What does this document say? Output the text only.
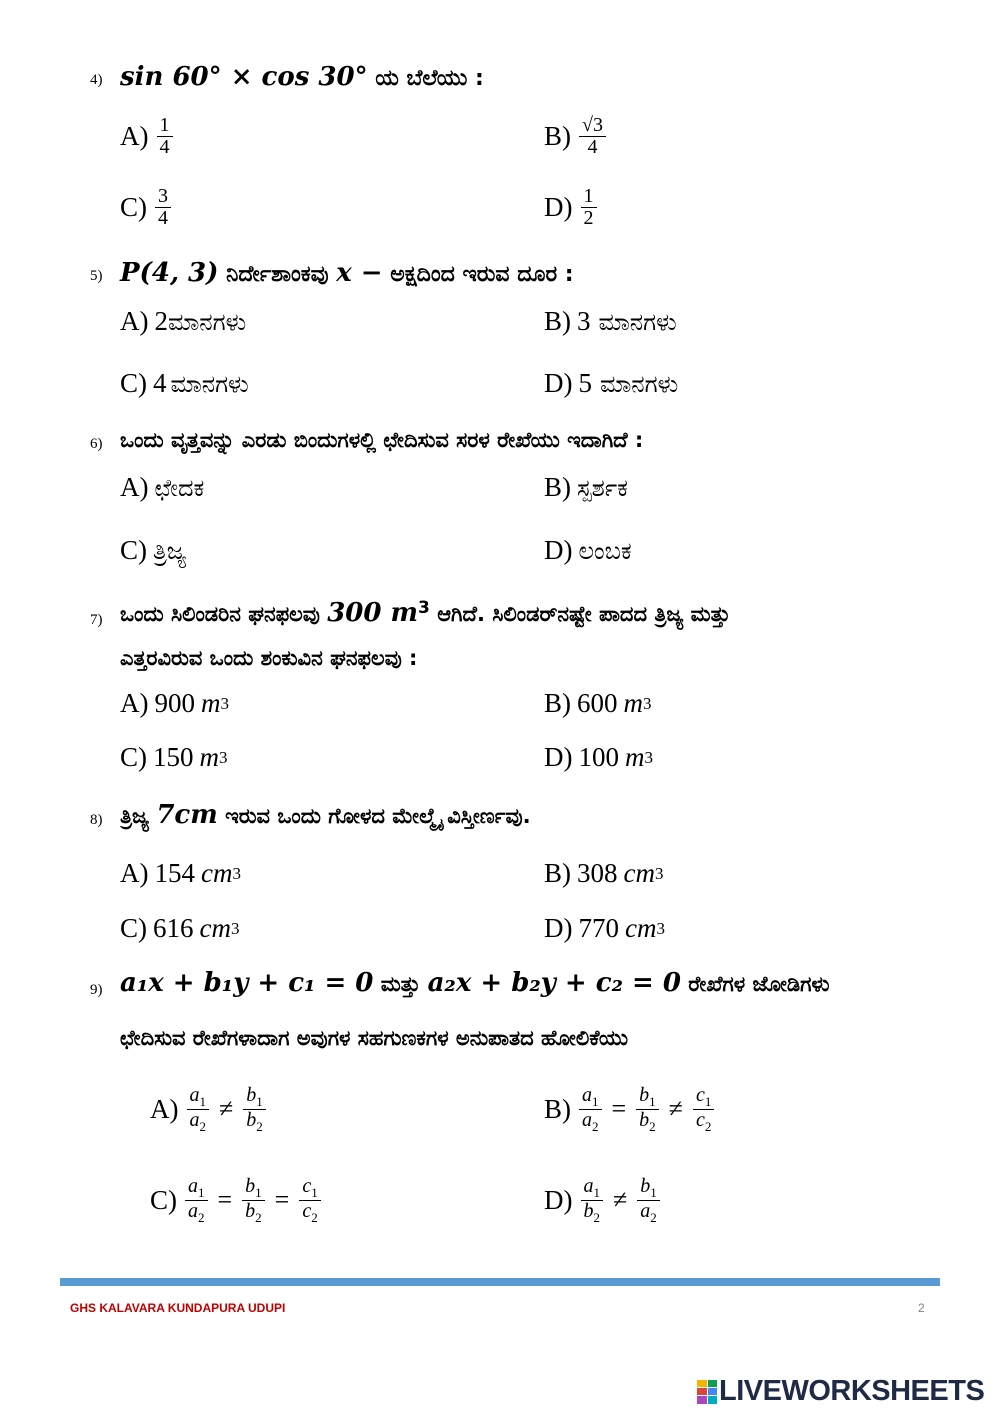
4) sin 60° × cos 30° ಯ ಬೆಲೆಯು :
$A) \frac{1}{4}$	$B) \frac{√3}{4}$
$C) \frac{3}{4}$	$D) \frac{1}{2}$
5) P(4, 3) ನಿರ್ದೇಶಾಂಕವು x − ಅಕ್ಷದಿಂದ ಇರುವ ದೂರ :
A) 2 ಮಾನಗಳು	B) 3 ಮಾನಗಳು
C) 4 ಮಾನಗಳು	D) 5 ಮಾನಗಳು
6) ಒಂದು ವೃತ್ತವನ್ನು ಎರಡು ಬಿಂದುಗಳಲ್ಲಿ ಛೇದಿಸುವ ಸರಳ ರೇಖೆಯು ಇದಾಗಿದೆ :
A) ಛೇದಕ	B) ಸ್ಪರ್ಶಕ
C) ತ್ರಿಜ್ಯ	D) ಲಂಬಕ
7) ಒಂದು ಸಿಲಿಂಡರಿನ ಘನಫಲವು 300 $m^3$ ಆಗಿದೆ. ಸಿಲಿಂಡರ್‌ನಷ್ಟೇ ಪಾದದ ತ್ರಿಜ್ಯ ಮತ್ತು
ಎತ್ತರವಿರುವ ಒಂದು ಶಂಕುವಿನ ಘನಫಲವು :
A) 900 m 3	B) 600 m 3
C) 150 m 3	D) 100 m 3
8) ತ್ರಿಜ್ಯ 7cm ಇರುವ ಒಂದು ಗೋಳದ ಮೇಲ್ಮೈ ವಿಸ್ತೀರ್ಣವು.
A) 154 cm 3	B) 308 cm 3
C) 616 cm 3	D) 770 cm 3
9) a₁x + b₁y + c₁ = 0 ಮತ್ತು a₂x + b₂y + c₂ = 0 ರೇಖೆಗಳ ಜೋಡಿಗಳು
ಛೇದಿಸುವ ರೇಖೆಗಳಾದಾಗ ಅವುಗಳ ಸಹಗುಣಕಗಳ ಅನುಪಾತದ ಹೋಲಿಕೆಯು
$A) \frac{a_1}{a_2} \ne \frac{b_1}{b_2}$	$B) \frac{a_1}{a_2} = \frac{b_1}{b_2} \ne \frac{c_1}{c_2}$
$C) \frac{a_1}{a_2} = \frac{b_1}{b_2} = \frac{c_1}{c_2}$	$D) \frac{a_1}{b_2} \ne \frac{b_1}{a_2}$
GHS KALAVARA KUNDAPURA UDUPI	2
LIVEWORKSHEETS
